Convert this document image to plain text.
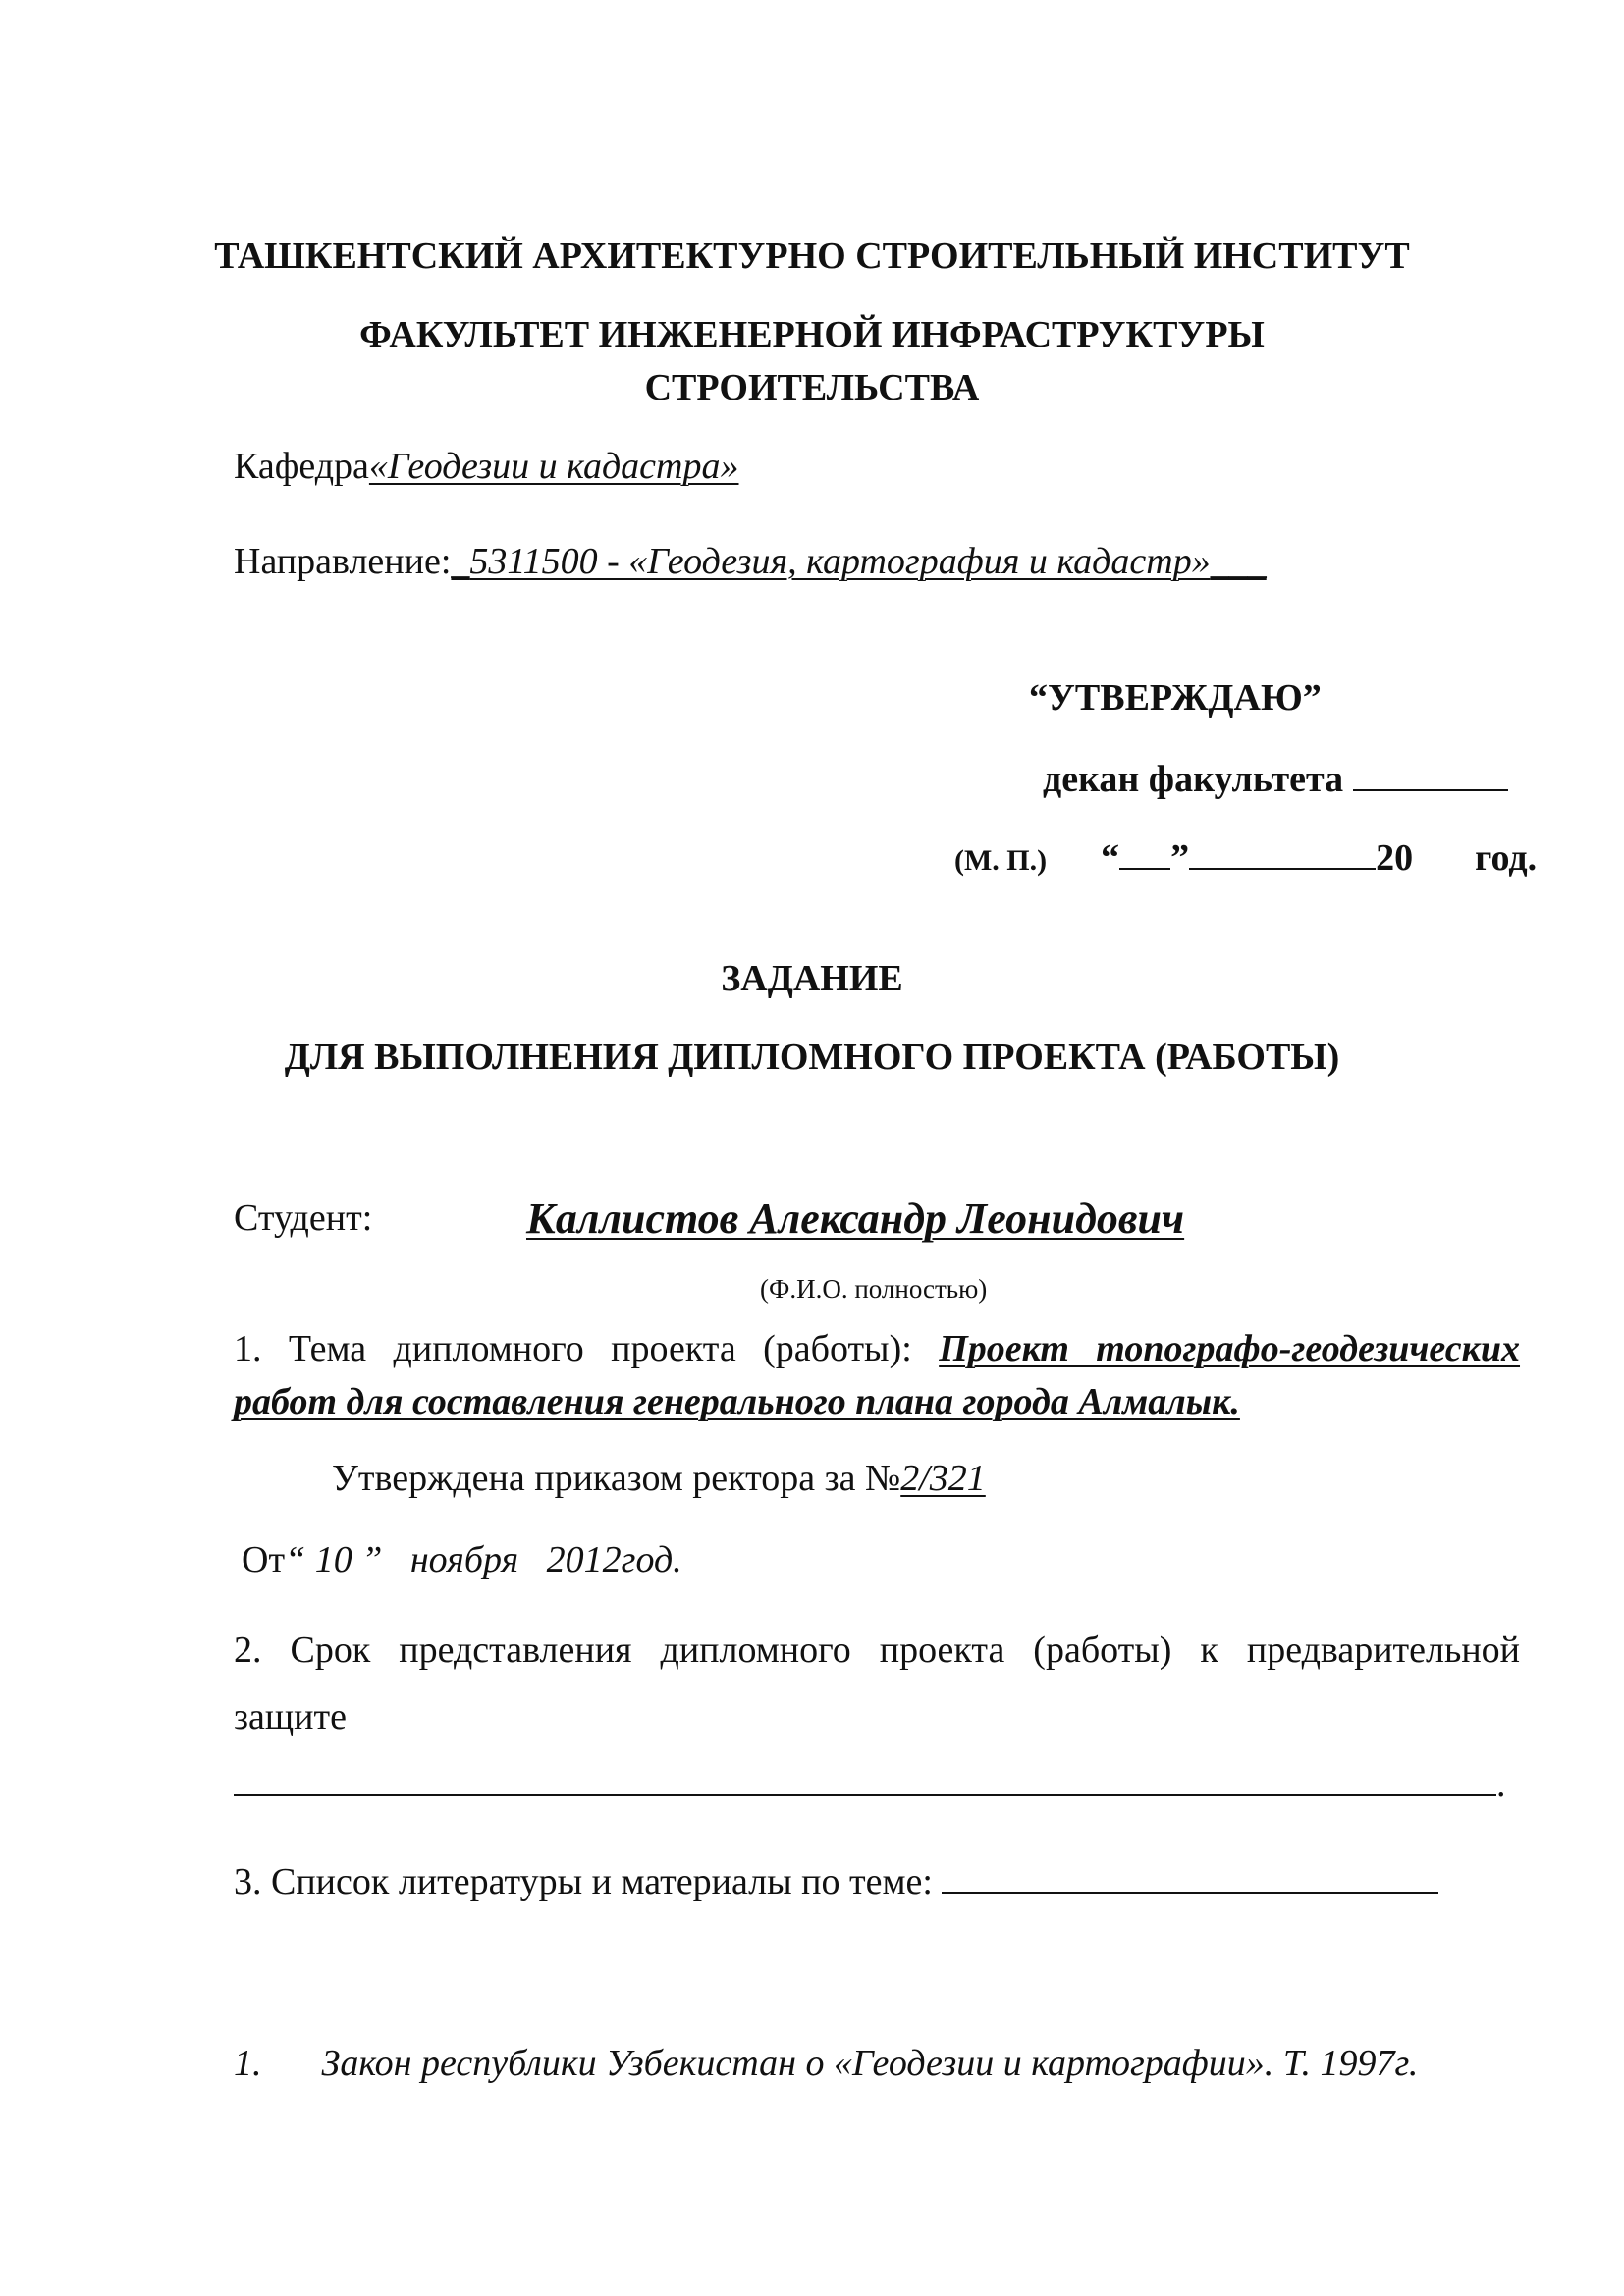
ТАШКЕНТСКИЙ АРХИТЕКТУРНО СТРОИТЕЛЬНЫЙ ИНСТИТУТ
ФАКУЛЬТЕТ ИНЖЕНЕРНОЙ ИНФРАСТРУКТУРЫ
СТРОИТЕЛЬСТВА
Кафедра«Геодезии и кадастра»
Направление:_5311500 - «Геодезия, картография и кадастр»___
“УТВЕРЖДАЮ”
декан факультета
(М. П.) “ ”	20 год.
ЗАДАНИЕ
ДЛЯ ВЫПОЛНЕНИЯ ДИПЛОМНОГО ПРОЕКТА (РАБОТЫ)
Студент:	Каллистов Александр Леонидович
(Ф.И.О. полностью)
1. Тема дипломного проекта (работы): Проект топографо-геодезических
работ для составления генерального плана города Алмалык.
Утверждена приказом ректора за №2/321
От“ 10 ”   ноября   2012год.
2. Срок представления дипломного проекта (работы) к предварительной
защите
.
3. Список литературы и материалы по теме:
1. Закон республики Узбекистан о «Геодезии и картографии». Т. 1997г.
